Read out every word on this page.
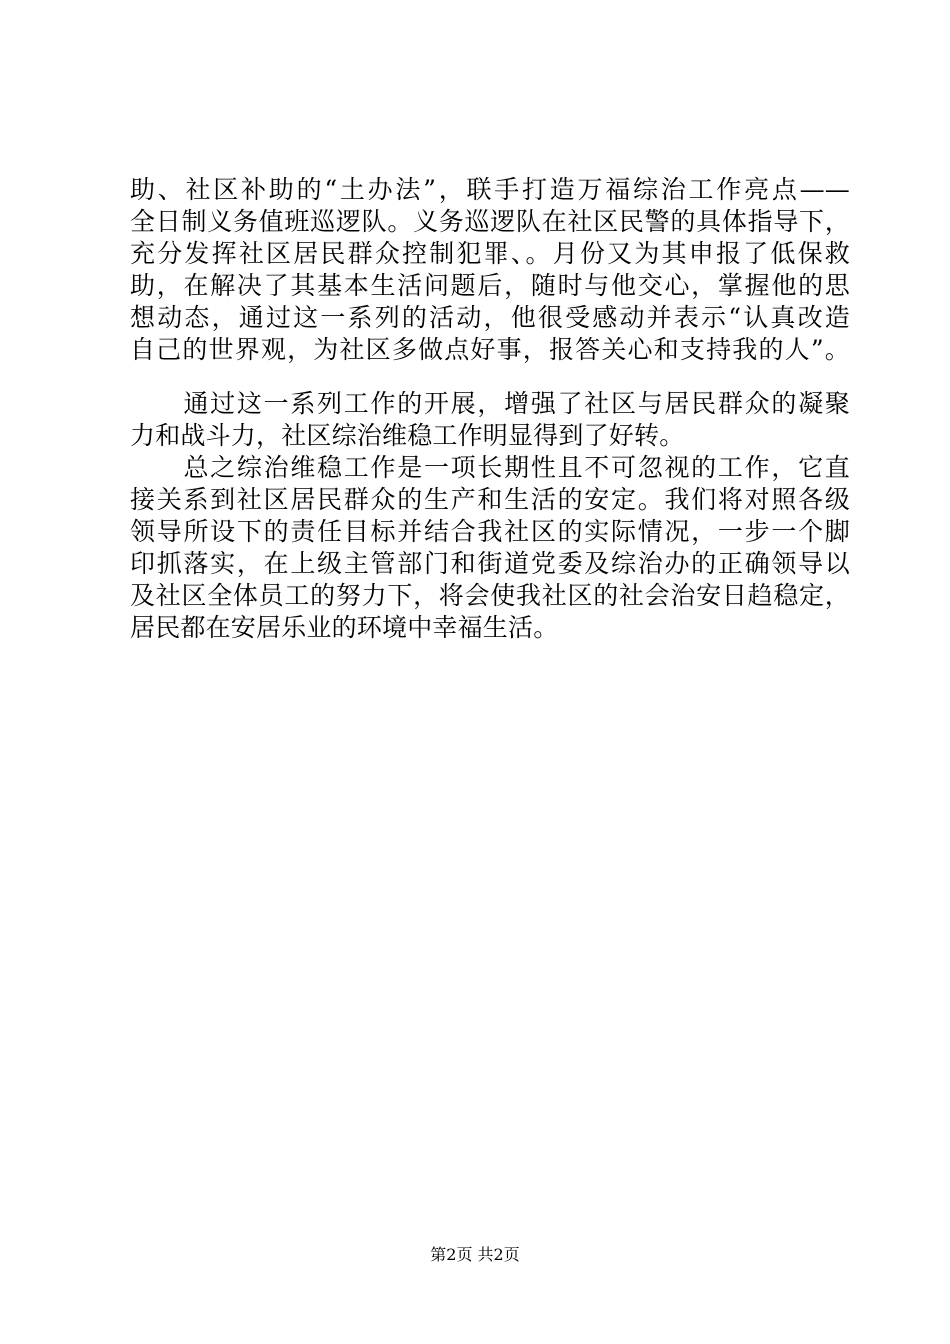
助、社区补助的“土办法”，联手打造万福综治工作亮点——
全日制义务值班巡逻队。义务巡逻队在社区民警的具体指导下，
充分发挥社区居民群众控制犯罪、。月份又为其申报了低保救
助，在解决了其基本生活问题后，随时与他交心，掌握他的思
想动态，通过这一系列的活动，他很受感动并表示“认真改造
自己的世界观，为社区多做点好事，报答关心和支持我的人”。
　　通过这一系列工作的开展，增强了社区与居民群众的凝聚
力和战斗力，社区综治维稳工作明显得到了好转。
　　总之综治维稳工作是一项长期性且不可忽视的工作，它直
接关系到社区居民群众的生产和生活的安定。我们将对照各级
领导所设下的责任目标并结合我社区的实际情况，一步一个脚
印抓落实，在上级主管部门和街道党委及综治办的正确领导以
及社区全体员工的努力下，将会使我社区的社会治安日趋稳定，
居民都在安居乐业的环境中幸福生活。
第2页 共2页
